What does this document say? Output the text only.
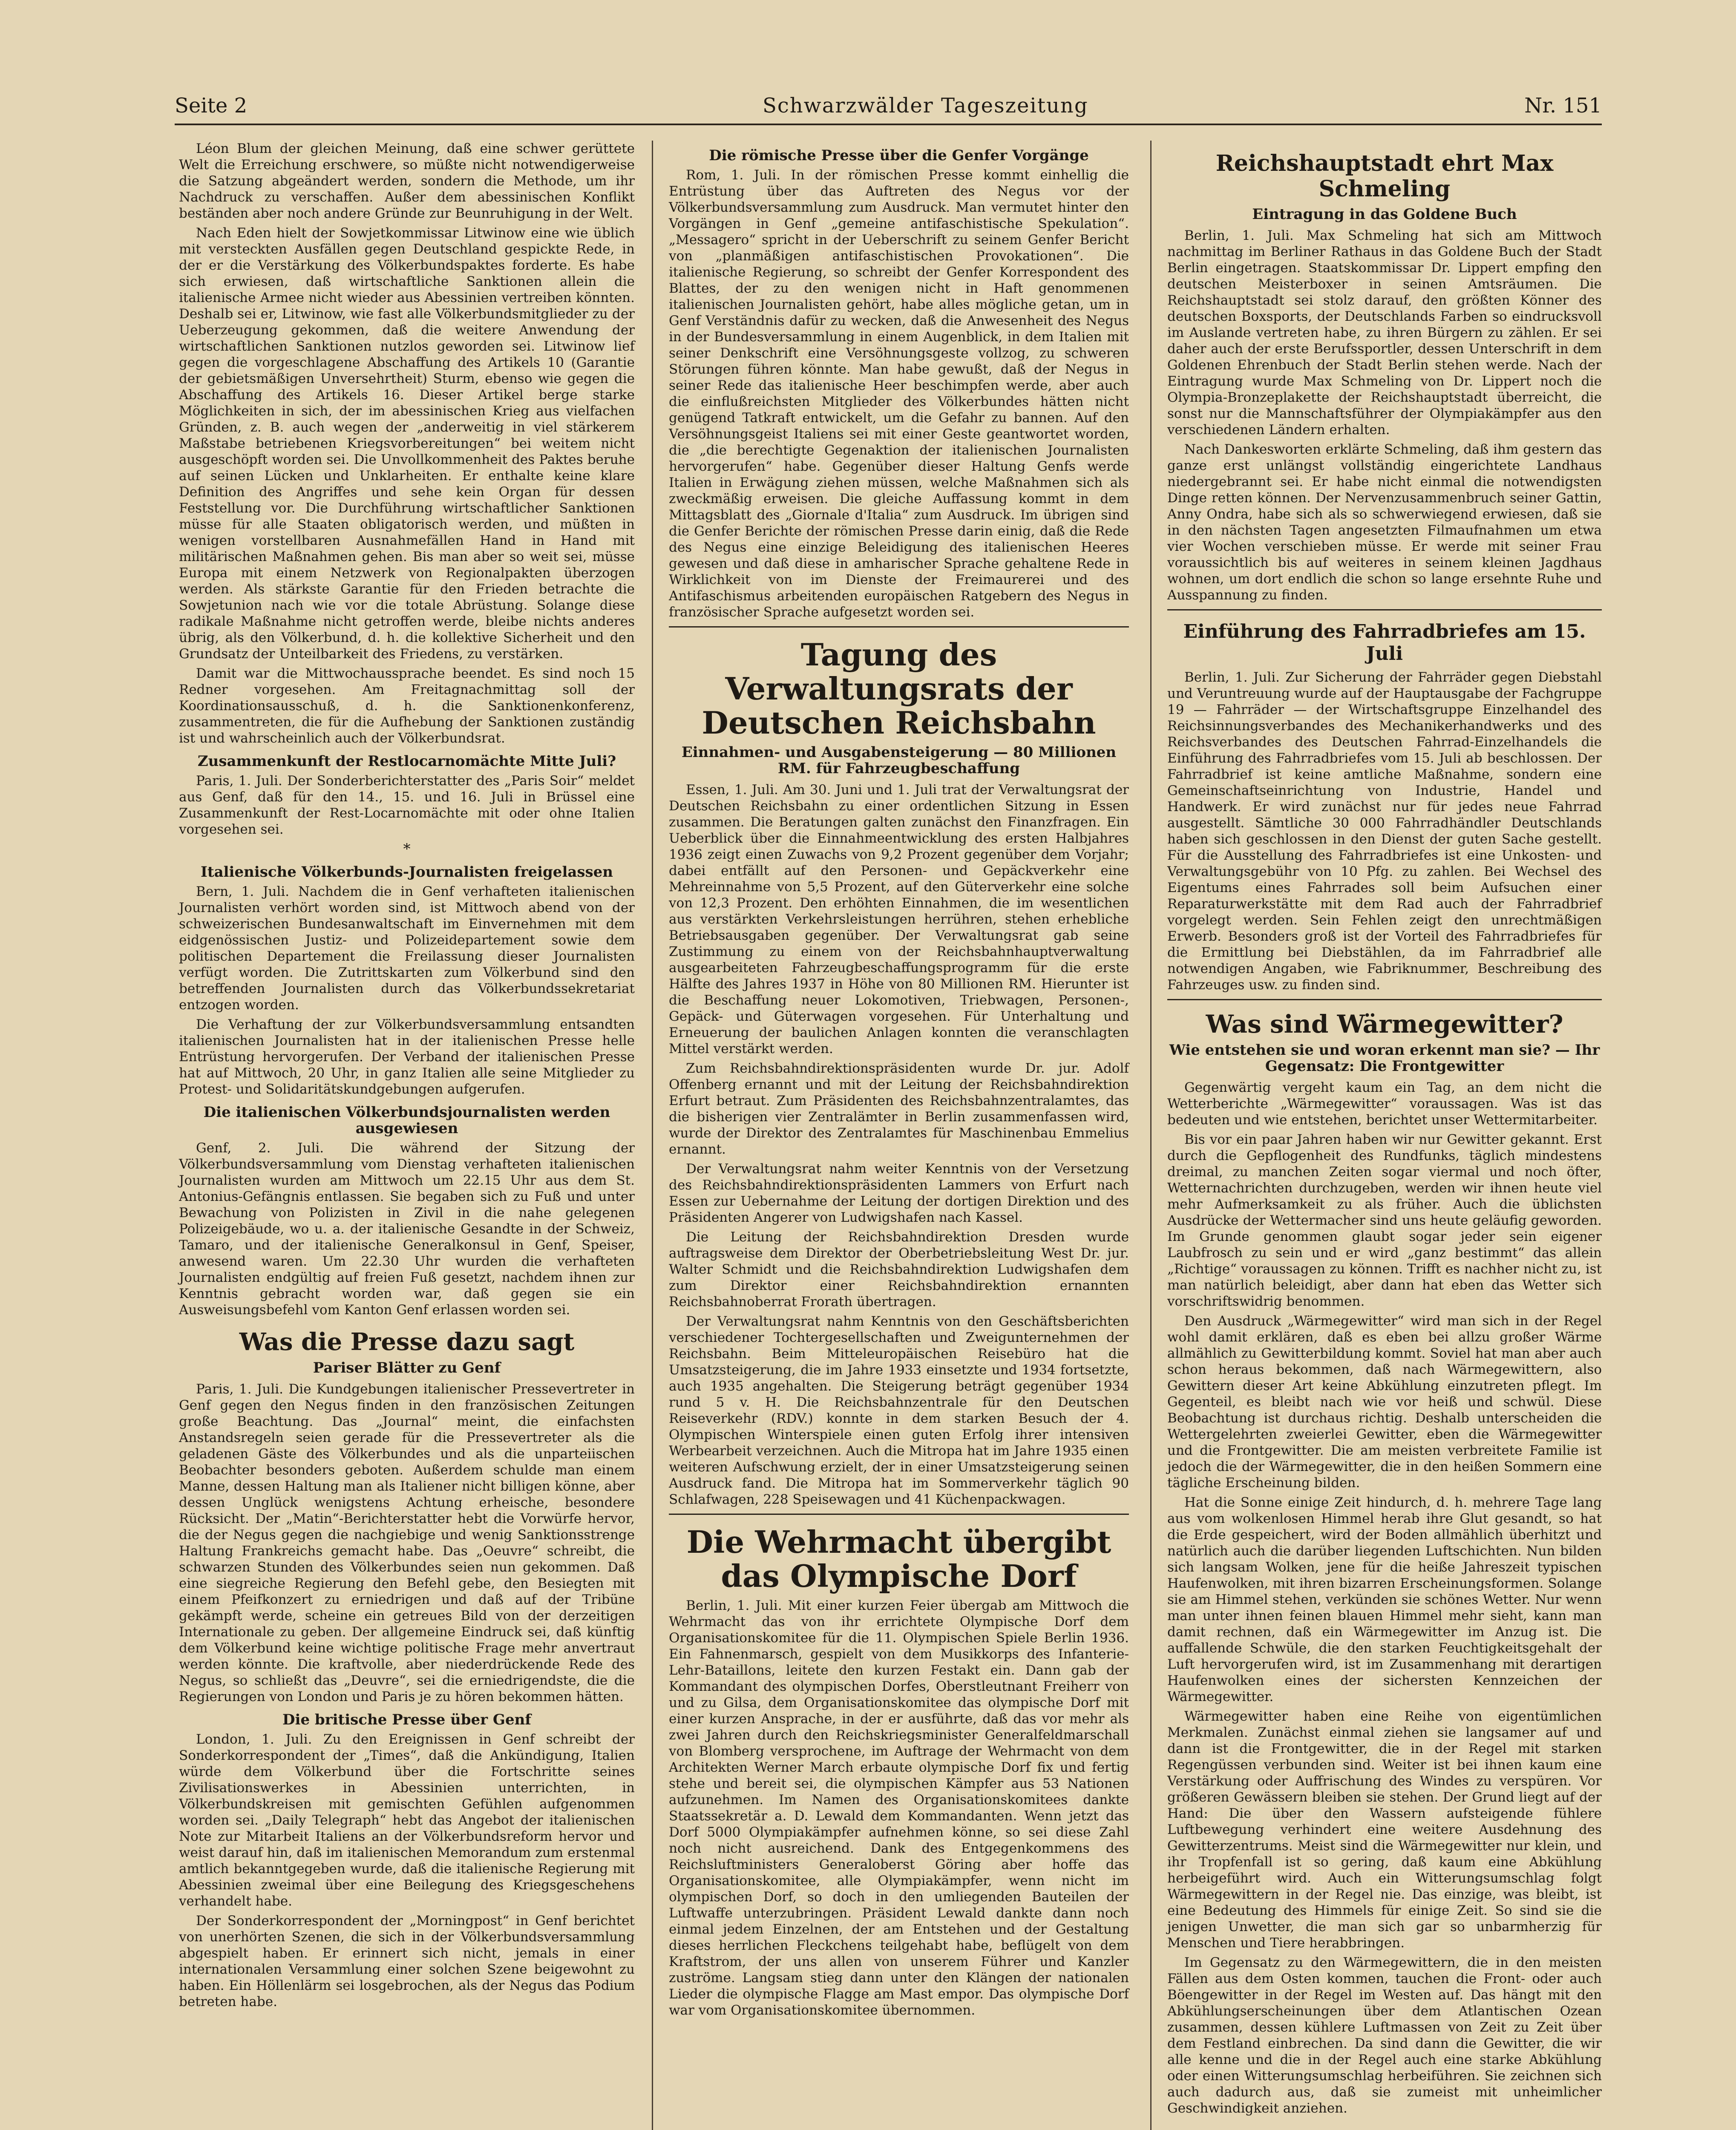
Seite 2	Schwarzwälder Tageszeitung	Nr. 151

Léon Blum der gleichen Meinung, daß eine schwer gerüttete Welt die Erreichung erschwere, so müßte nicht notwendigerweise die Satzung abgeändert werden, sondern die Methode, um ihr Nachdruck zu verschaffen. Außer dem abessinischen Konflikt beständen aber noch andere Gründe zur Beunruhigung in der Welt.

Nach Eden hielt der Sowjetkommissar Litwinow eine wie üblich mit versteckten Ausfällen gegen Deutschland gespickte Rede, in der er die Verstärkung des Völkerbundspaktes forderte. Es habe sich erwiesen, daß wirtschaftliche Sanktionen allein die italienische Armee nicht wieder aus Abessinien vertreiben könnten. Deshalb sei er, Litwinow, wie fast alle Völkerbundsmitglieder zu der Ueberzeugung gekommen, daß die weitere Anwendung der wirtschaftlichen Sanktionen nutzlos geworden sei. Litwinow lief gegen die vorgeschlagene Abschaffung des Artikels 10 (Garantie der gebietsmäßigen Unversehrtheit) Sturm, ebenso wie gegen die Abschaffung des Artikels 16. Dieser Artikel berge starke Möglichkeiten in sich, der im abessinischen Krieg aus vielfachen Gründen, z. B. auch wegen der „anderweitig in viel stärkerem Maßstabe betriebenen Kriegsvorbereitungen“ bei weitem nicht ausgeschöpft worden sei. Die Unvollkommenheit des Paktes beruhe auf seinen Lücken und Unklarheiten. Er enthalte keine klare Definition des Angriffes und sehe kein Organ für dessen Feststellung vor. Die Durchführung wirtschaftlicher Sanktionen müsse für alle Staaten obligatorisch werden, und müßten in wenigen vorstellbaren Ausnahmefällen Hand in Hand mit militärischen Maßnahmen gehen. Bis man aber so weit sei, müsse Europa mit einem Netzwerk von Regionalpakten überzogen werden. Als stärkste Garantie für den Frieden betrachte die Sowjetunion nach wie vor die totale Abrüstung. Solange diese radikale Maßnahme nicht getroffen werde, bleibe nichts anderes übrig, als den Völkerbund, d. h. die kollektive Sicherheit und den Grundsatz der Unteilbarkeit des Friedens, zu verstärken.

Damit war die Mittwochaussprache beendet. Es sind noch 15 Redner vorgesehen. Am Freitagnachmittag soll der Koordinationsausschuß, d. h. die Sanktionenkonferenz, zusammentreten, die für die Aufhebung der Sanktionen zuständig ist und wahrscheinlich auch der Völkerbundsrat.

Zusammenkunft der Restlocarnomächte Mitte Juli?

Paris, 1. Juli. Der Sonderberichterstatter des „Paris Soir“ meldet aus Genf, daß für den 14., 15. und 16. Juli in Brüssel eine Zusammenkunft der Rest-Locarnomächte mit oder ohne Italien vorgesehen sei.

*
Italienische Völkerbunds-Journalisten freigelassen

Bern, 1. Juli. Nachdem die in Genf verhafteten italienischen Journalisten verhört worden sind, ist Mittwoch abend von der schweizerischen Bundesanwaltschaft im Einvernehmen mit dem eidgenössischen Justiz- und Polizeidepartement sowie dem politischen Departement die Freilassung dieser Journalisten verfügt worden. Die Zutrittskarten zum Völkerbund sind den betreffenden Journalisten durch das Völkerbundssekretariat entzogen worden.

Die Verhaftung der zur Völkerbundsversammlung entsandten italienischen Journalisten hat in der italienischen Presse helle Entrüstung hervorgerufen. Der Verband der italienischen Presse hat auf Mittwoch, 20 Uhr, in ganz Italien alle seine Mitglieder zu Protest- und Solidaritätskundgebungen aufgerufen.

Die italienischen Völkerbundsjournalisten werden ausgewiesen

Genf, 2. Juli. Die während der Sitzung der Völkerbundsversammlung vom Dienstag verhafteten italienischen Journalisten wurden am Mittwoch um 22.15 Uhr aus dem St. Antonius-Gefängnis entlassen. Sie begaben sich zu Fuß und unter Bewachung von Polizisten in Zivil in die nahe gelegenen Polizeigebäude, wo u. a. der italienische Gesandte in der Schweiz, Tamaro, und der italienische Generalkonsul in Genf, Speiser, anwesend waren. Um 22.30 Uhr wurden die verhafteten Journalisten endgültig auf freien Fuß gesetzt, nachdem ihnen zur Kenntnis gebracht worden war, daß gegen sie ein Ausweisungsbefehl vom Kanton Genf erlassen worden sei.

Was die Presse dazu sagt
Pariser Blätter zu Genf

Paris, 1. Juli. Die Kundgebungen italienischer Pressevertreter in Genf gegen den Negus finden in den französischen Zeitungen große Beachtung. Das „Journal“ meint, die einfachsten Anstandsregeln seien gerade für die Pressevertreter als die geladenen Gäste des Völkerbundes und als die unparteiischen Beobachter besonders geboten. Außerdem schulde man einem Manne, dessen Haltung man als Italiener nicht billigen könne, aber dessen Unglück wenigstens Achtung erheische, besondere Rücksicht. Der „Matin“-Berichterstatter hebt die Vorwürfe hervor, die der Negus gegen die nachgiebige und wenig Sanktionsstrenge Haltung Frankreichs gemacht habe. Das „Oeuvre“ schreibt, die schwarzen Stunden des Völkerbundes seien nun gekommen. Daß eine siegreiche Regierung den Befehl gebe, den Besiegten mit einem Pfeifkonzert zu erniedrigen und daß auf der Tribüne gekämpft werde, scheine ein getreues Bild von der derzeitigen Internationale zu geben. Der allgemeine Eindruck sei, daß künftig dem Völkerbund keine wichtige politische Frage mehr anvertraut werden könnte. Die kraftvolle, aber niederdrückende Rede des Negus, so schließt das „Deuvre“, sei die erniedrigendste, die die Regierungen von London und Paris je zu hören bekommen hätten.

Die britische Presse über Genf

London, 1. Juli. Zu den Ereignissen in Genf schreibt der Sonderkorrespondent der „Times“, daß die Ankündigung, Italien würde dem Völkerbund über die Fortschritte seines Zivilisationswerkes in Abessinien unterrichten, in Völkerbundskreisen mit gemischten Gefühlen aufgenommen worden sei. „Daily Telegraph“ hebt das Angebot der italienischen Note zur Mitarbeit Italiens an der Völkerbundsreform hervor und weist darauf hin, daß im italienischen Memorandum zum erstenmal amtlich bekanntgegeben wurde, daß die italienische Regierung mit Abessinien zweimal über eine Beilegung des Kriegsgeschehens verhandelt habe.

Der Sonderkorrespondent der „Morningpost“ in Genf berichtet von unerhörten Szenen, die sich in der Völkerbundsversammlung abgespielt haben. Er erinnert sich nicht, jemals in einer internationalen Versammlung einer solchen Szene beigewohnt zu haben. Ein Höllenlärm sei losgebrochen, als der Negus das Podium betreten habe.

Die römische Presse über die Genfer Vorgänge

Rom, 1. Juli. In der römischen Presse kommt einhellig die Entrüstung über das Auftreten des Negus vor der Völkerbundsversammlung zum Ausdruck. Man vermutet hinter den Vorgängen in Genf „gemeine antifaschistische Spekulation“. „Messagero“ spricht in der Ueberschrift zu seinem Genfer Bericht von „planmäßigen antifaschistischen Provokationen“. Die italienische Regierung, so schreibt der Genfer Korrespondent des Blattes, der zu den wenigen nicht in Haft genommenen italienischen Journalisten gehört, habe alles mögliche getan, um in Genf Verständnis dafür zu wecken, daß die Anwesenheit des Negus in der Bundesversammlung in einem Augenblick, in dem Italien mit seiner Denkschrift eine Versöhnungsgeste vollzog, zu schweren Störungen führen könnte. Man habe gewußt, daß der Negus in seiner Rede das italienische Heer beschimpfen werde, aber auch die einflußreichsten Mitglieder des Völkerbundes hätten nicht genügend Tatkraft entwickelt, um die Gefahr zu bannen. Auf den Versöhnungsgeist Italiens sei mit einer Geste geantwortet worden, die „die berechtigte Gegenaktion der italienischen Journalisten hervorgerufen“ habe. Gegenüber dieser Haltung Genfs werde Italien in Erwägung ziehen müssen, welche Maßnahmen sich als zweckmäßig erweisen. Die gleiche Auffassung kommt in dem Mittagsblatt des „Giornale d'Italia“ zum Ausdruck. Im übrigen sind die Genfer Berichte der römischen Presse darin einig, daß die Rede des Negus eine einzige Beleidigung des italienischen Heeres gewesen und daß diese in amharischer Sprache gehaltene Rede in Wirklichkeit von im Dienste der Freimaurerei und des Antifaschismus arbeitenden europäischen Ratgebern des Negus in französischer Sprache aufgesetzt worden sei.

Tagung des Verwaltungsrats der Deutschen Reichsbahn
Einnahmen- und Ausgabensteigerung — 80 Millionen RM. für Fahrzeugbeschaffung

Essen, 1. Juli. Am 30. Juni und 1. Juli trat der Verwaltungsrat der Deutschen Reichsbahn zu einer ordentlichen Sitzung in Essen zusammen. Die Beratungen galten zunächst den Finanzfragen. Ein Ueberblick über die Einnahmeentwicklung des ersten Halbjahres 1936 zeigt einen Zuwachs von 9,2 Prozent gegenüber dem Vorjahr; dabei entfällt auf den Personen- und Gepäckverkehr eine Mehreinnahme von 5,5 Prozent, auf den Güterverkehr eine solche von 12,3 Prozent. Den erhöhten Einnahmen, die im wesentlichen aus verstärkten Verkehrsleistungen herrühren, stehen erhebliche Betriebsausgaben gegenüber. Der Verwaltungsrat gab seine Zustimmung zu einem von der Reichsbahnhauptverwaltung ausgearbeiteten Fahrzeugbeschaffungsprogramm für die erste Hälfte des Jahres 1937 in Höhe von 80 Millionen RM. Hierunter ist die Beschaffung neuer Lokomotiven, Triebwagen, Personen-, Gepäck- und Güterwagen vorgesehen. Für Unterhaltung und Erneuerung der baulichen Anlagen konnten die veranschlagten Mittel verstärkt werden.

Zum Reichsbahndirektionspräsidenten wurde Dr. jur. Adolf Offenberg ernannt und mit der Leitung der Reichsbahndirektion Erfurt betraut. Zum Präsidenten des Reichsbahnzentralamtes, das die bisherigen vier Zentralämter in Berlin zusammenfassen wird, wurde der Direktor des Zentralamtes für Maschinenbau Emmelius ernannt.

Der Verwaltungsrat nahm weiter Kenntnis von der Versetzung des Reichsbahndirektionspräsidenten Lammers von Erfurt nach Essen zur Uebernahme der Leitung der dortigen Direktion und des Präsidenten Angerer von Ludwigshafen nach Kassel.

Die Leitung der Reichsbahndirektion Dresden wurde auftragsweise dem Direktor der Oberbetriebsleitung West Dr. jur. Walter Schmidt und die Reichsbahndirektion Ludwigshafen dem zum Direktor einer Reichsbahndirektion ernannten Reichsbahnoberrat Frorath übertragen.

Der Verwaltungsrat nahm Kenntnis von den Geschäftsberichten verschiedener Tochtergesellschaften und Zweigunternehmen der Reichsbahn. Beim Mitteleuropäischen Reisebüro hat die Umsatzsteigerung, die im Jahre 1933 einsetzte und 1934 fortsetzte, auch 1935 angehalten. Die Steigerung beträgt gegenüber 1934 rund 5 v. H. Die Reichsbahnzentrale für den Deutschen Reiseverkehr (RDV.) konnte in dem starken Besuch der 4. Olympischen Winterspiele einen guten Erfolg ihrer intensiven Werbearbeit verzeichnen. Auch die Mitropa hat im Jahre 1935 einen weiteren Aufschwung erzielt, der in einer Umsatzsteigerung seinen Ausdruck fand. Die Mitropa hat im Sommerverkehr täglich 90 Schlafwagen, 228 Speisewagen und 41 Küchenpackwagen.

Die Wehrmacht übergibt das Olympische Dorf

Berlin, 1. Juli. Mit einer kurzen Feier übergab am Mittwoch die Wehrmacht das von ihr errichtete Olympische Dorf dem Organisationskomitee für die 11. Olympischen Spiele Berlin 1936. Ein Fahnenmarsch, gespielt von dem Musikkorps des Infanterie-Lehr-Bataillons, leitete den kurzen Festakt ein. Dann gab der Kommandant des olympischen Dorfes, Oberstleutnant Freiherr von und zu Gilsa, dem Organisationskomitee das olympische Dorf mit einer kurzen Ansprache, in der er ausführte, daß das vor mehr als zwei Jahren durch den Reichskriegsminister Generalfeldmarschall von Blomberg versprochene, im Auftrage der Wehrmacht von dem Architekten Werner March erbaute olympische Dorf fix und fertig stehe und bereit sei, die olympischen Kämpfer aus 53 Nationen aufzunehmen. Im Namen des Organisationskomitees dankte Staatssekretär a. D. Lewald dem Kommandanten. Wenn jetzt das Dorf 5000 Olympiakämpfer aufnehmen könne, so sei diese Zahl noch nicht ausreichend. Dank des Entgegenkommens des Reichsluftministers Generaloberst Göring aber hoffe das Organisationskomitee, alle Olympiakämpfer, wenn nicht im olympischen Dorf, so doch in den umliegenden Bauteilen der Luftwaffe unterzubringen. Präsident Lewald dankte dann noch einmal jedem Einzelnen, der am Entstehen und der Gestaltung dieses herrlichen Fleckchens teilgehabt habe, beflügelt von dem Kraftstrom, der uns allen von unserem Führer und Kanzler zuströme. Langsam stieg dann unter den Klängen der nationalen Lieder die olympische Flagge am Mast empor. Das olympische Dorf war vom Organisationskomitee übernommen.

Reichshauptstadt ehrt Max Schmeling
Eintragung in das Goldene Buch

Berlin, 1. Juli. Max Schmeling hat sich am Mittwoch nachmittag im Berliner Rathaus in das Goldene Buch der Stadt Berlin eingetragen. Staatskommissar Dr. Lippert empfing den deutschen Meisterboxer in seinen Amtsräumen. Die Reichshauptstadt sei stolz darauf, den größten Könner des deutschen Boxsports, der Deutschlands Farben so eindrucksvoll im Auslande vertreten habe, zu ihren Bürgern zu zählen. Er sei daher auch der erste Berufssportler, dessen Unterschrift in dem Goldenen Ehrenbuch der Stadt Berlin stehen werde. Nach der Eintragung wurde Max Schmeling von Dr. Lippert noch die Olympia-Bronzeplakette der Reichshauptstadt überreicht, die sonst nur die Mannschaftsführer der Olympiakämpfer aus den verschiedenen Ländern erhalten.

Nach Dankesworten erklärte Schmeling, daß ihm gestern das ganze erst unlängst vollständig eingerichtete Landhaus niedergebrannt sei. Er habe nicht einmal die notwendigsten Dinge retten können. Der Nervenzusammenbruch seiner Gattin, Anny Ondra, habe sich als so schwerwiegend erwiesen, daß sie in den nächsten Tagen angesetzten Filmaufnahmen um etwa vier Wochen verschieben müsse. Er werde mit seiner Frau voraussichtlich bis auf weiteres in seinem kleinen Jagdhaus wohnen, um dort endlich die schon so lange ersehnte Ruhe und Ausspannung zu finden.

Einführung des Fahrradbriefes am 15. Juli

Berlin, 1. Juli. Zur Sicherung der Fahrräder gegen Diebstahl und Veruntreuung wurde auf der Hauptausgabe der Fachgruppe 19 — Fahrräder — der Wirtschaftsgruppe Einzelhandel des Reichsinnungsverbandes des Mechanikerhandwerks und des Reichsverbandes des Deutschen Fahrrad-Einzelhandels die Einführung des Fahrradbriefes vom 15. Juli ab beschlossen. Der Fahrradbrief ist keine amtliche Maßnahme, sondern eine Gemeinschaftseinrichtung von Industrie, Handel und Handwerk. Er wird zunächst nur für jedes neue Fahrrad ausgestellt. Sämtliche 30 000 Fahrradhändler Deutschlands haben sich geschlossen in den Dienst der guten Sache gestellt. Für die Ausstellung des Fahrradbriefes ist eine Unkosten- und Verwaltungsgebühr von 10 Pfg. zu zahlen. Bei Wechsel des Eigentums eines Fahrrades soll beim Aufsuchen einer Reparaturwerkstätte mit dem Rad auch der Fahrradbrief vorgelegt werden. Sein Fehlen zeigt den unrechtmäßigen Erwerb. Besonders groß ist der Vorteil des Fahrradbriefes für die Ermittlung bei Diebstählen, da im Fahrradbrief alle notwendigen Angaben, wie Fabriknummer, Beschreibung des Fahrzeuges usw. zu finden sind.

Was sind Wärmegewitter?
Wie entstehen sie und woran erkennt man sie? — Ihr Gegensatz: Die Frontgewitter

Gegenwärtig vergeht kaum ein Tag, an dem nicht die Wetterberichte „Wärmegewitter“ voraussagen. Was ist das bedeuten und wie entstehen, berichtet unser Wettermitarbeiter.

Bis vor ein paar Jahren haben wir nur Gewitter gekannt. Erst durch die Gepflogenheit des Rundfunks, täglich mindestens dreimal, zu manchen Zeiten sogar viermal und noch öfter, Wetternachrichten durchzugeben, werden wir ihnen heute viel mehr Aufmerksamkeit zu als früher. Auch die üblichsten Ausdrücke der Wettermacher sind uns heute geläufig geworden. Im Grunde genommen glaubt sogar jeder sein eigener Laubfrosch zu sein und er wird „ganz bestimmt“ das allein „Richtige“ voraussagen zu können. Trifft es nachher nicht zu, ist man natürlich beleidigt, aber dann hat eben das Wetter sich vorschriftswidrig benommen.

Den Ausdruck „Wärmegewitter“ wird man sich in der Regel wohl damit erklären, daß es eben bei allzu großer Wärme allmählich zu Gewitterbildung kommt. Soviel hat man aber auch schon heraus bekommen, daß nach Wärmegewittern, also Gewittern dieser Art keine Abkühlung einzutreten pflegt. Im Gegenteil, es bleibt nach wie vor heiß und schwül. Diese Beobachtung ist durchaus richtig. Deshalb unterscheiden die Wettergelehrten zweierlei Gewitter, eben die Wärmegewitter und die Frontgewitter. Die am meisten verbreitete Familie ist jedoch die der Wärmegewitter, die in den heißen Sommern eine tägliche Erscheinung bilden.

Hat die Sonne einige Zeit hindurch, d. h. mehrere Tage lang aus vom wolkenlosen Himmel herab ihre Glut gesandt, so hat die Erde gespeichert, wird der Boden allmählich überhitzt und natürlich auch die darüber liegenden Luftschichten. Nun bilden sich langsam Wolken, jene für die heiße Jahreszeit typischen Haufenwolken, mit ihren bizarren Erscheinungsformen. Solange sie am Himmel stehen, verkünden sie schönes Wetter. Nur wenn man unter ihnen feinen blauen Himmel mehr sieht, kann man damit rechnen, daß ein Wärmegewitter im Anzug ist. Die auffallende Schwüle, die den starken Feuchtigkeitsgehalt der Luft hervorgerufen wird, ist im Zusammenhang mit derartigen Haufenwolken eines der sichersten Kennzeichen der Wärmegewitter.

Wärmegewitter haben eine Reihe von eigentümlichen Merkmalen. Zunächst einmal ziehen sie langsamer auf und dann ist die Frontgewitter, die in der Regel mit starken Regengüssen verbunden sind. Weiter ist bei ihnen kaum eine Verstärkung oder Auffrischung des Windes zu verspüren. Vor größeren Gewässern bleiben sie stehen. Der Grund liegt auf der Hand: Die über den Wassern aufsteigende fühlere Luftbewegung verhindert eine weitere Ausdehnung des Gewitterzentrums. Meist sind die Wärmegewitter nur klein, und ihr Tropfenfall ist so gering, daß kaum eine Abkühlung herbeigeführt wird. Auch ein Witterungsumschlag folgt Wärmegewittern in der Regel nie. Das einzige, was bleibt, ist eine Bedeutung des Himmels für einige Zeit. So sind sie die jenigen Unwetter, die man sich gar so unbarmherzig für Menschen und Tiere herabbringen.

Im Gegensatz zu den Wärmegewittern, die in den meisten Fällen aus dem Osten kommen, tauchen die Front- oder auch Böengewitter in der Regel im Westen auf. Das hängt mit den Abkühlungserscheinungen über dem Atlantischen Ozean zusammen, dessen kühlere Luftmassen von Zeit zu Zeit über dem Festland einbrechen. Da sind dann die Gewitter, die wir alle kenne und die in der Regel auch eine starke Abkühlung oder einen Witterungsumschlag herbeiführen. Sie zeichnen sich auch dadurch aus, daß sie zumeist mit unheimlicher Geschwindigkeit anziehen.
